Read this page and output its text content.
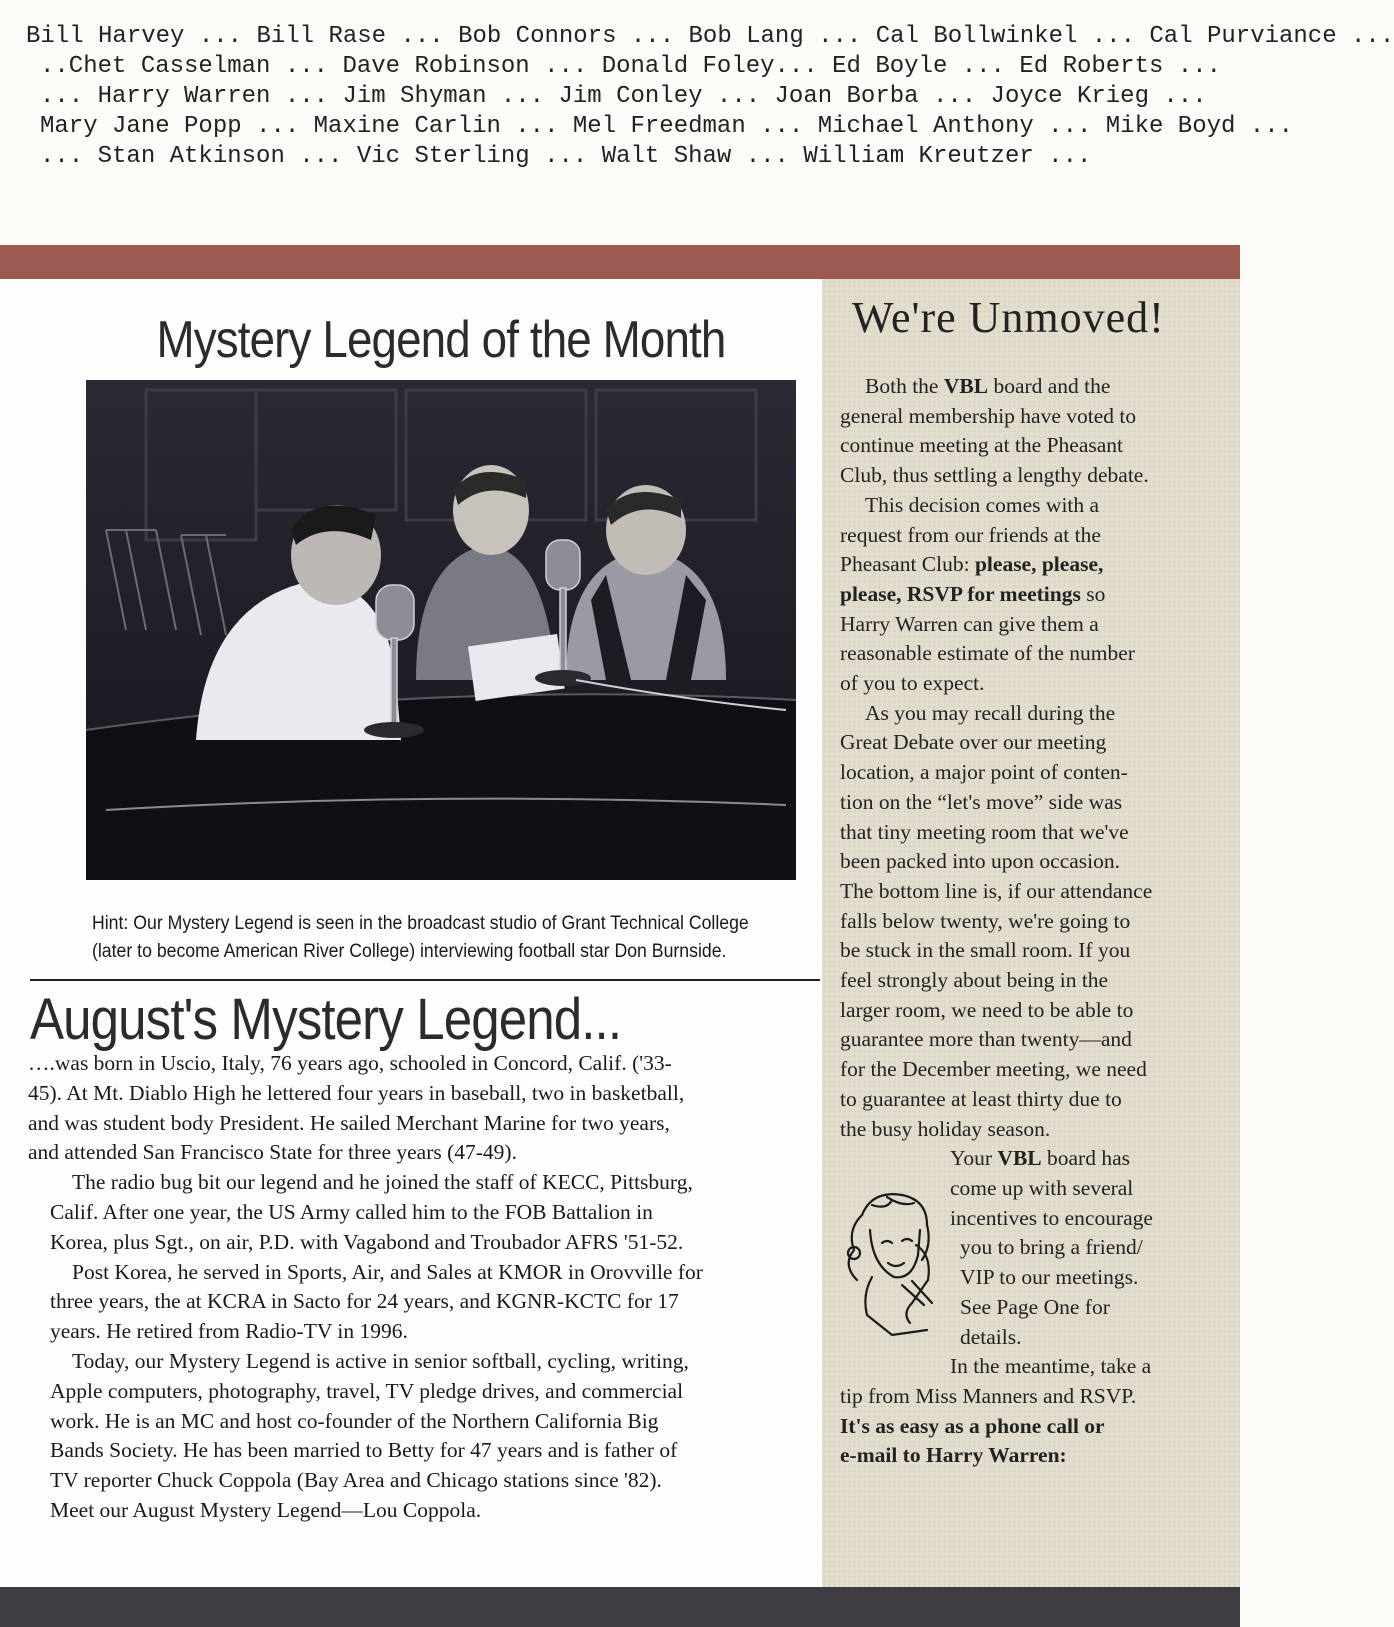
Bill Harvey ... Bill Rase ... Bob Connors ... Bob Lang ... Cal Bollwinkel ... Cal Purviance ...
..Chet Casselman ... Dave Robinson ... Donald Foley... Ed Boyle ... Ed Roberts ...
... Harry Warren ... Jim Shyman ... Jim Conley ... Joan Borba ... Joyce Krieg ...
Mary Jane Popp ... Maxine Carlin ... Mel Freedman ... Michael Anthony ... Mike Boyd ...
... Stan Atkinson ... Vic Sterling ... Walt Shaw ... William Kreutzer ...
Mystery Legend of the Month
Hint: Our Mystery Legend is seen in the broadcast studio of Grant Technical College
(later to become American River College) interviewing football star Don Burnside.
August's Mystery Legend...

….was born in Uscio, Italy, 76 years ago, schooled in Concord, Calif. ('33-
45). At Mt. Diablo High he lettered four years in baseball, two in basketball,
and was student body President. He sailed Merchant Marine for two years,
and attended San Francisco State for three years (47-49).

The radio bug bit our legend and he joined the staff of KECC, Pittsburg,
Calif. After one year, the US Army called him to the FOB Battalion in
Korea, plus Sgt., on air, P.D. with Vagabond and Troubador AFRS '51-52.

Post Korea, he served in Sports, Air, and Sales at KMOR in Orovville for
three years, the at KCRA in Sacto for 24 years, and KGNR-KCTC for 17
years. He retired from Radio-TV in 1996.

Today, our Mystery Legend is active in senior softball, cycling, writing,
Apple computers, photography, travel, TV pledge drives, and commercial
work. He is an MC and host co-founder of the Northern California Big
Bands Society. He has been married to Betty for 47 years and is father of
TV reporter Chuck Coppola (Bay Area and Chicago stations since '82).
Meet our August Mystery Legend—Lou Coppola.

We're Unmoved!
Both the VBL board and the
general membership have voted to
continue meeting at the Pheasant
Club, thus settling a lengthy debate.
This decision comes with a
request from our friends at the
Pheasant Club: please, please,
please, RSVP for meetings so
Harry Warren can give them a
reasonable estimate of the number
of you to expect.
As you may recall during the
Great Debate over our meeting
location, a major point of conten-
tion on the “let's move” side was
that tiny meeting room that we've
been packed into upon occasion.
The bottom line is, if our attendance
falls below twenty, we're going to
be stuck in the small room. If you
feel strongly about being in the
larger room, we need to be able to
guarantee more than twenty—and
for the December meeting, we need
to guarantee at least thirty due to
the busy holiday season.
Your VBL board has
come up with several
incentives to encourage
you to bring a friend/
VIP to our meetings.
See Page One for
details.
In the meantime, take a
tip from Miss Manners and RSVP.
It's as easy as a phone call or
e-mail to Harry Warren:
